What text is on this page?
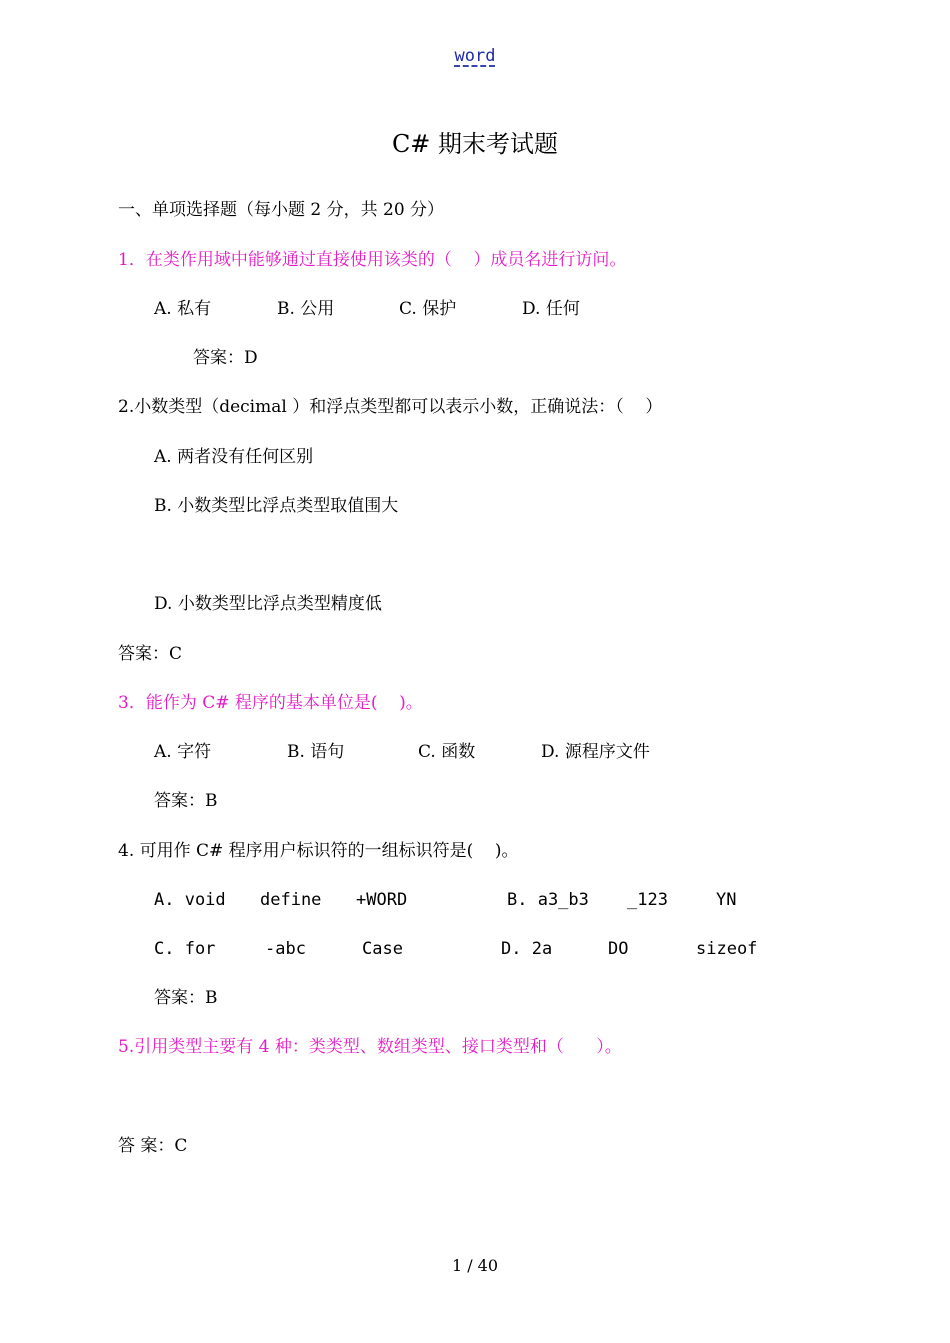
word
C# 期末考试题
一、单项选择题（每小题 2 分，共 20 分）
1．在类作用域中能够通过直接使用该类的（    ）成员名进行访问。
A. 私有	B. 公用	C. 保护	D. 任何
答案：D
2.小数类型（decimal ）和浮点类型都可以表示小数，正确说法：（    ）
A. 两者没有任何区别
B. 小数类型比浮点类型取值围大
D. 小数类型比浮点类型精度低
答案：C
3．能作为 C# 程序的基本单位是(    )。
A. 字符	B. 语句	C. 函数	D. 源程序文件
答案：B
4. 可用作 C# 程序用户标识符的一组标识符是(    )。
A. void define +WORD	B. a3_b3 _123	YN
C. for	-abc	Case	D. 2a	DO	sizeof
答案：B
5.引用类型主要有 4 种：类类型、数组类型、接口类型和（      ）。
答 案：C
1 / 40
